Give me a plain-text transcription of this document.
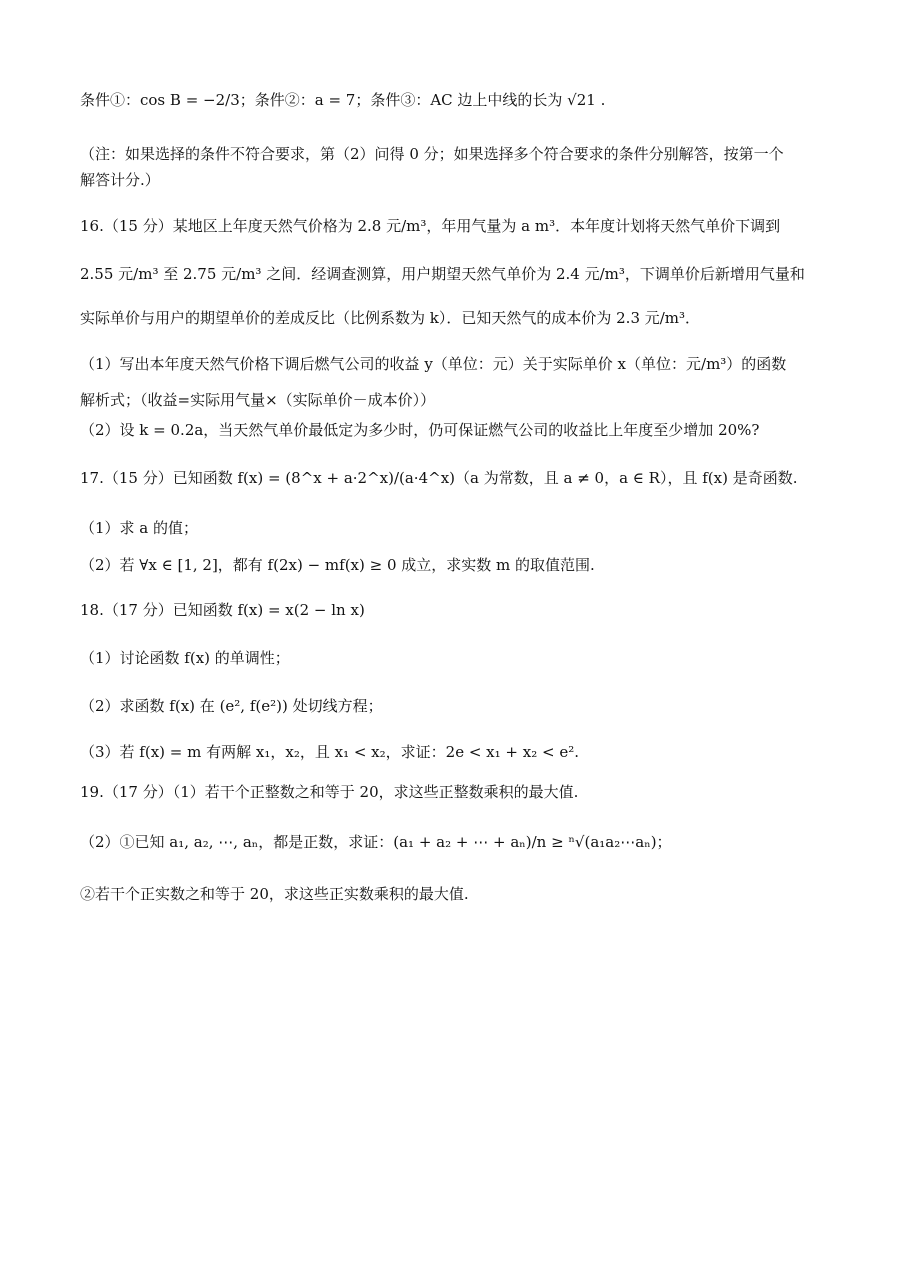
条件①：cos B = −2/3；条件②：a = 7；条件③：AC 边上中线的长为 √21 .
（注：如果选择的条件不符合要求，第（2）问得 0 分；如果选择多个符合要求的条件分别解答，按第一个
解答计分.）
16.（15 分）某地区上年度天然气价格为 2.8 元/m³，年用气量为 a m³．本年度计划将天然气单价下调到
2.55 元/m³ 至 2.75 元/m³ 之间．经调查测算，用户期望天然气单价为 2.4 元/m³，下调单价后新增用气量和
实际单价与用户的期望单价的差成反比（比例系数为 k）．已知天然气的成本价为 2.3 元/m³．
（1）写出本年度天然气价格下调后燃气公司的收益 y（单位：元）关于实际单价 x（单位：元/m³）的函数
解析式；（收益=实际用气量×（实际单价－成本价））
（2）设 k = 0.2a，当天然气单价最低定为多少时，仍可保证燃气公司的收益比上年度至少增加 20%?
17.（15 分）已知函数 f(x) = (8^x + a·2^x)/(a·4^x)（a 为常数，且 a ≠ 0，a ∈ R），且 f(x) 是奇函数.
（1）求 a 的值；
（2）若 ∀x ∈ [1, 2]，都有 f(2x) − mf(x) ≥ 0 成立，求实数 m 的取值范围.
18.（17 分）已知函数 f(x) = x(2 − ln x)
（1）讨论函数 f(x) 的单调性；
（2）求函数 f(x) 在 (e², f(e²)) 处切线方程；
（3）若 f(x) = m 有两解 x₁，x₂，且 x₁ < x₂，求证：2e < x₁ + x₂ < e².
19.（17 分）（1）若干个正整数之和等于 20，求这些正整数乘积的最大值.
（2）①已知 a₁, a₂, ⋯, aₙ，都是正数，求证：(a₁ + a₂ + ⋯ + aₙ)/n ≥ ⁿ√(a₁a₂⋯aₙ)；
②若干个正实数之和等于 20，求这些正实数乘积的最大值.
